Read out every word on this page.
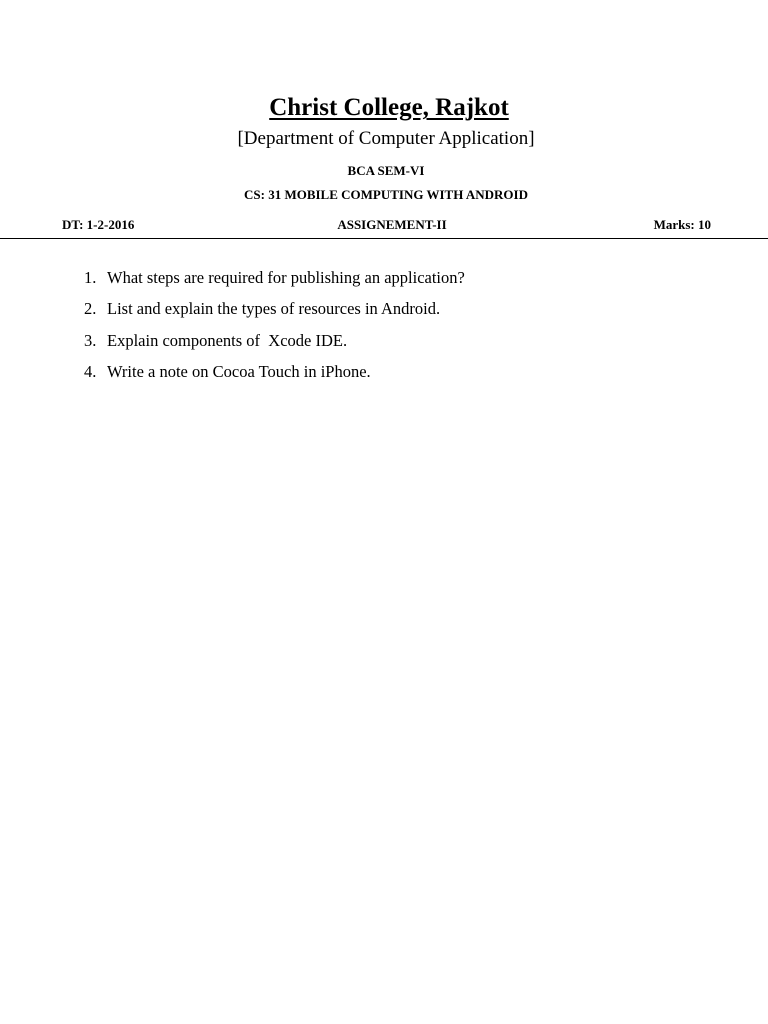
Christ College, Rajkot
[Department of Computer Application]
BCA SEM-VI
CS: 31 MOBILE COMPUTING WITH ANDROID
DT: 1-2-2016	ASSIGNEMENT-II	Marks: 10
1. What steps are required for publishing an application?
2. List and explain the types of resources in Android.
3. Explain components of  Xcode IDE.
4. Write a note on Cocoa Touch in iPhone.
